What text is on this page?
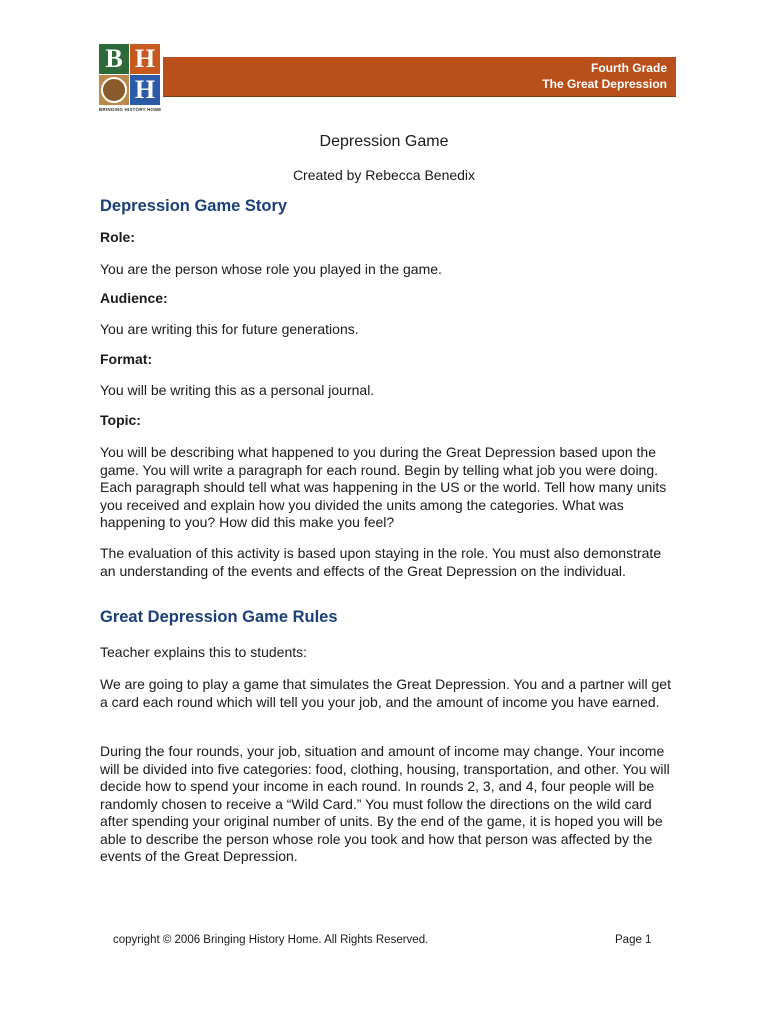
B H
H
BRINGING HISTORY HOME
Fourth Grade
The Great Depression
Depression Game
Created by Rebecca Benedix
Depression Game Story
Role:
You are the person whose role you played in the game.
Audience:
You are writing this for future generations.
Format:
You will be writing this as a personal journal.
Topic:
You will be describing what happened to you during the Great Depression based upon the game. You will write a paragraph for each round. Begin by telling what job you were doing. Each paragraph should tell what was happening in the US or the world. Tell how many units you received and explain how you divided the units among the categories. What was happening to you? How did this make you feel?
The evaluation of this activity is based upon staying in the role. You must also demonstrate an understanding of the events and effects of the Great Depression on the individual.
Great Depression Game Rules
Teacher explains this to students:
We are going to play a game that simulates the Great Depression. You and a partner will get a card each round which will tell you your job, and the amount of income you have earned.
During the four rounds, your job, situation and amount of income may change. Your income will be divided into five categories: food, clothing, housing, transportation, and other. You will decide how to spend your income in each round. In rounds 2, 3, and 4, four people will be randomly chosen to receive a “Wild Card.” You must follow the directions on the wild card after spending your original number of units. By the end of the game, it is hoped you will be able to describe the person whose role you took and how that person was affected by the events of the Great Depression.
copyright © 2006 Bringing History Home. All Rights Reserved.	Page 1
